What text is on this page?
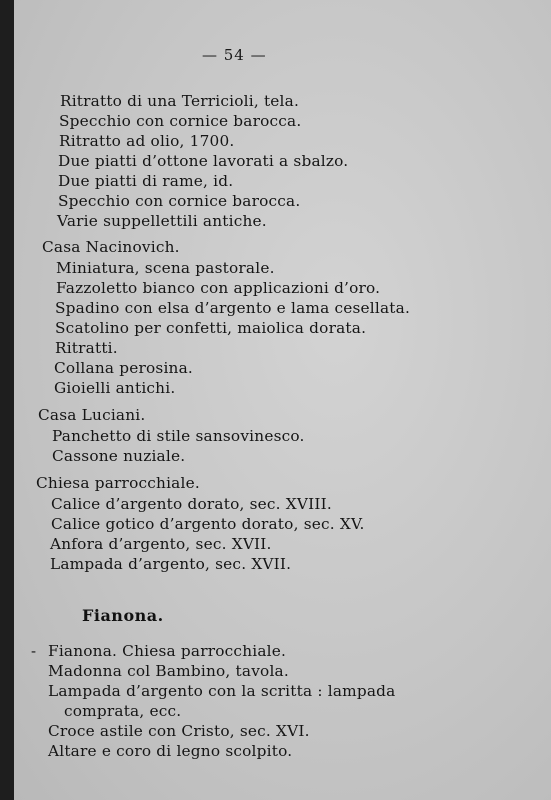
— 54 —
Ritratto di una Terricioli, tela.
Specchio con cornice barocca.
Ritratto ad olio, 1700.
Due piatti d’ottone lavorati a sbalzo.
Due piatti di rame, id.
Specchio con cornice barocca.
Varie suppellettili antiche.
Casa Nacinovich.
Miniatura, scena pastorale.
Fazzoletto bianco con applicazioni d’oro.
Spadino con elsa d’argento e lama cesellata.
Scatolino per confetti, maiolica dorata.
Ritratti.
Collana perosina.
Gioielli antichi.
Casa Luciani.
Panchetto di stile sansovinesco.
Cassone nuziale.
Chiesa parrocchiale.
Calice d’argento dorato, sec. XVIII.
Calice gotico d’argento dorato, sec. XV.
Anfora d’argento, sec. XVII.
Lampada d’argento, sec. XVII.
Fianona.
- Fianona. Chiesa parrocchiale.
Madonna col Bambino, tavola.
Lampada d’argento con la scritta : lampada
comprata, ecc.
Croce astile con Cristo, sec. XVI.
Altare e coro di legno scolpito.
